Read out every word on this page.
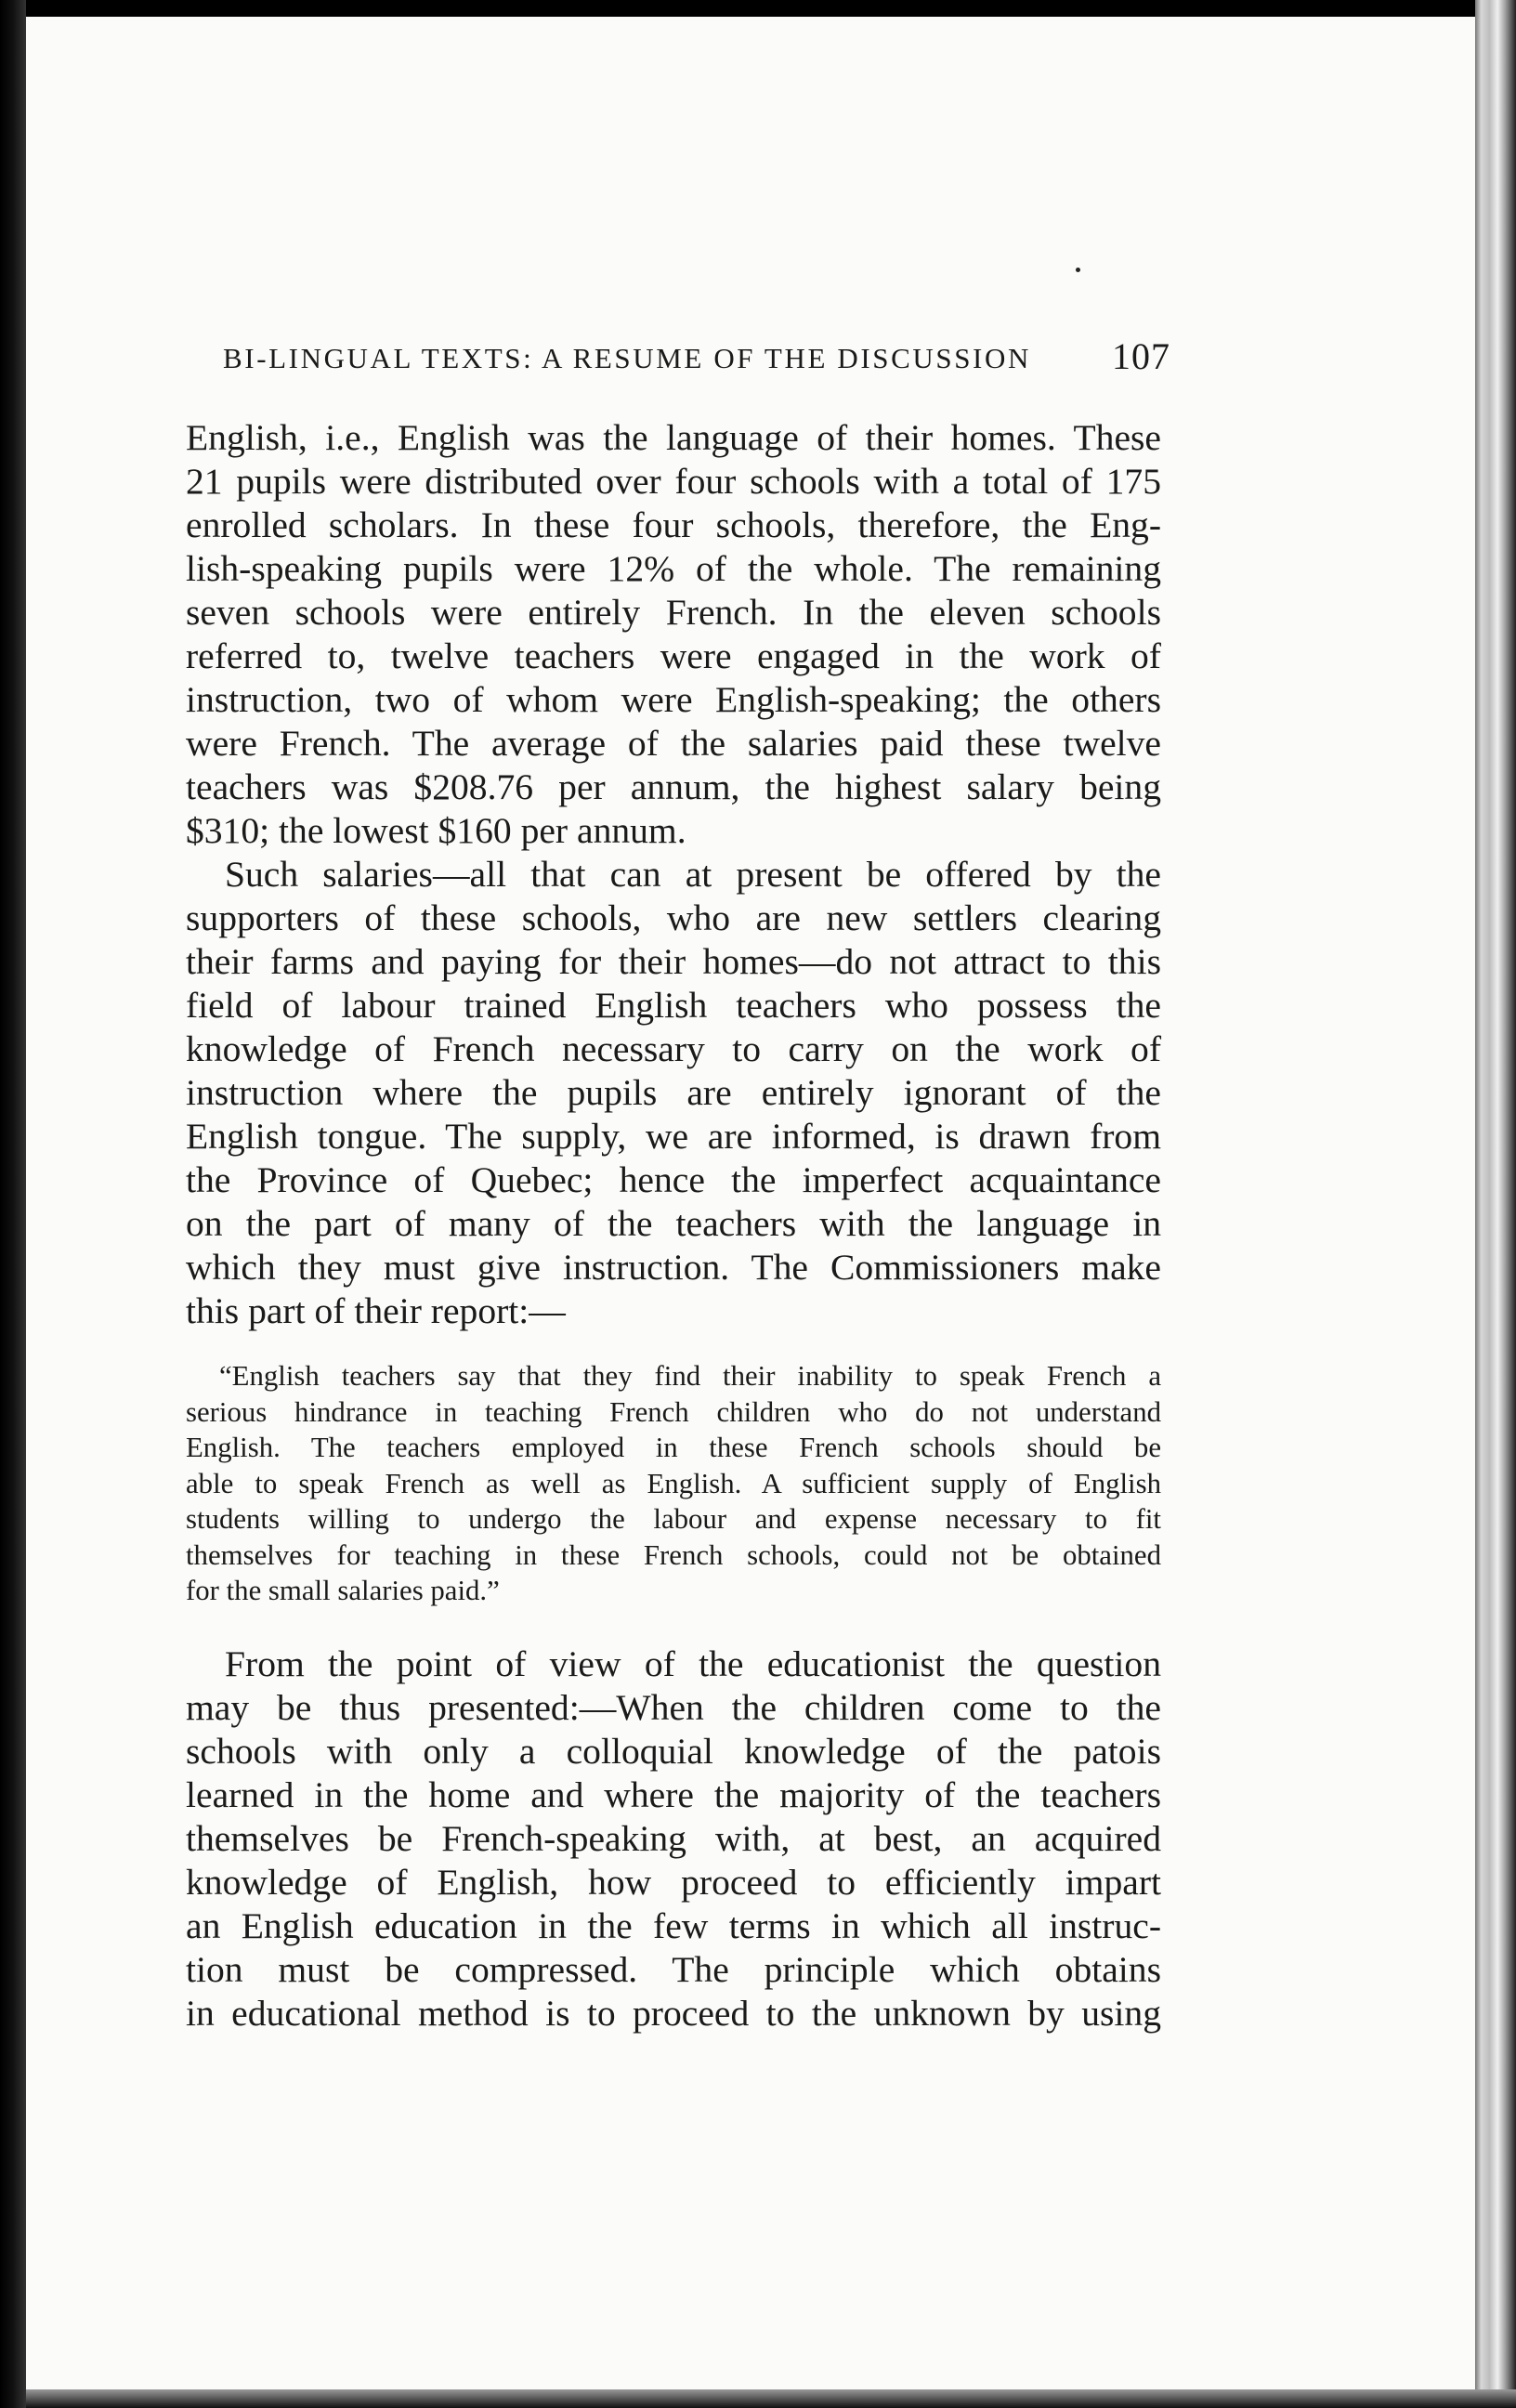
BI-LINGUAL TEXTS: A RESUME OF THE DISCUSSION 107
English, i.e., English was the language of their homes. These
21 pupils were distributed over four schools with a total of 175
enrolled scholars. In these four schools, therefore, the Eng-
lish-speaking pupils were 12% of the whole. The remaining
seven schools were entirely French. In the eleven schools
referred to, twelve teachers were engaged in the work of
instruction, two of whom were English-speaking; the others
were French. The average of the salaries paid these twelve
teachers was $208.76 per annum, the highest salary being
$310; the lowest $160 per annum.
Such salaries—all that can at present be offered by the
supporters of these schools, who are new settlers clearing
their farms and paying for their homes—do not attract to this
field of labour trained English teachers who possess the
knowledge of French necessary to carry on the work of
instruction where the pupils are entirely ignorant of the
English tongue. The supply, we are informed, is drawn from
the Province of Quebec; hence the imperfect acquaintance
on the part of many of the teachers with the language in
which they must give instruction. The Commissioners make
this part of their report:—
“English teachers say that they find their inability to speak French a
serious hindrance in teaching French children who do not understand
English. The teachers employed in these French schools should be
able to speak French as well as English. A sufficient supply of English
students willing to undergo the labour and expense necessary to fit
themselves for teaching in these French schools, could not be obtained
for the small salaries paid.”
From the point of view of the educationist the question
may be thus presented:—When the children come to the
schools with only a colloquial knowledge of the patois
learned in the home and where the majority of the teachers
themselves be French-speaking with, at best, an acquired
knowledge of English, how proceed to efficiently impart
an English education in the few terms in which all instruc-
tion must be compressed. The principle which obtains
in educational method is to proceed to the unknown by using
